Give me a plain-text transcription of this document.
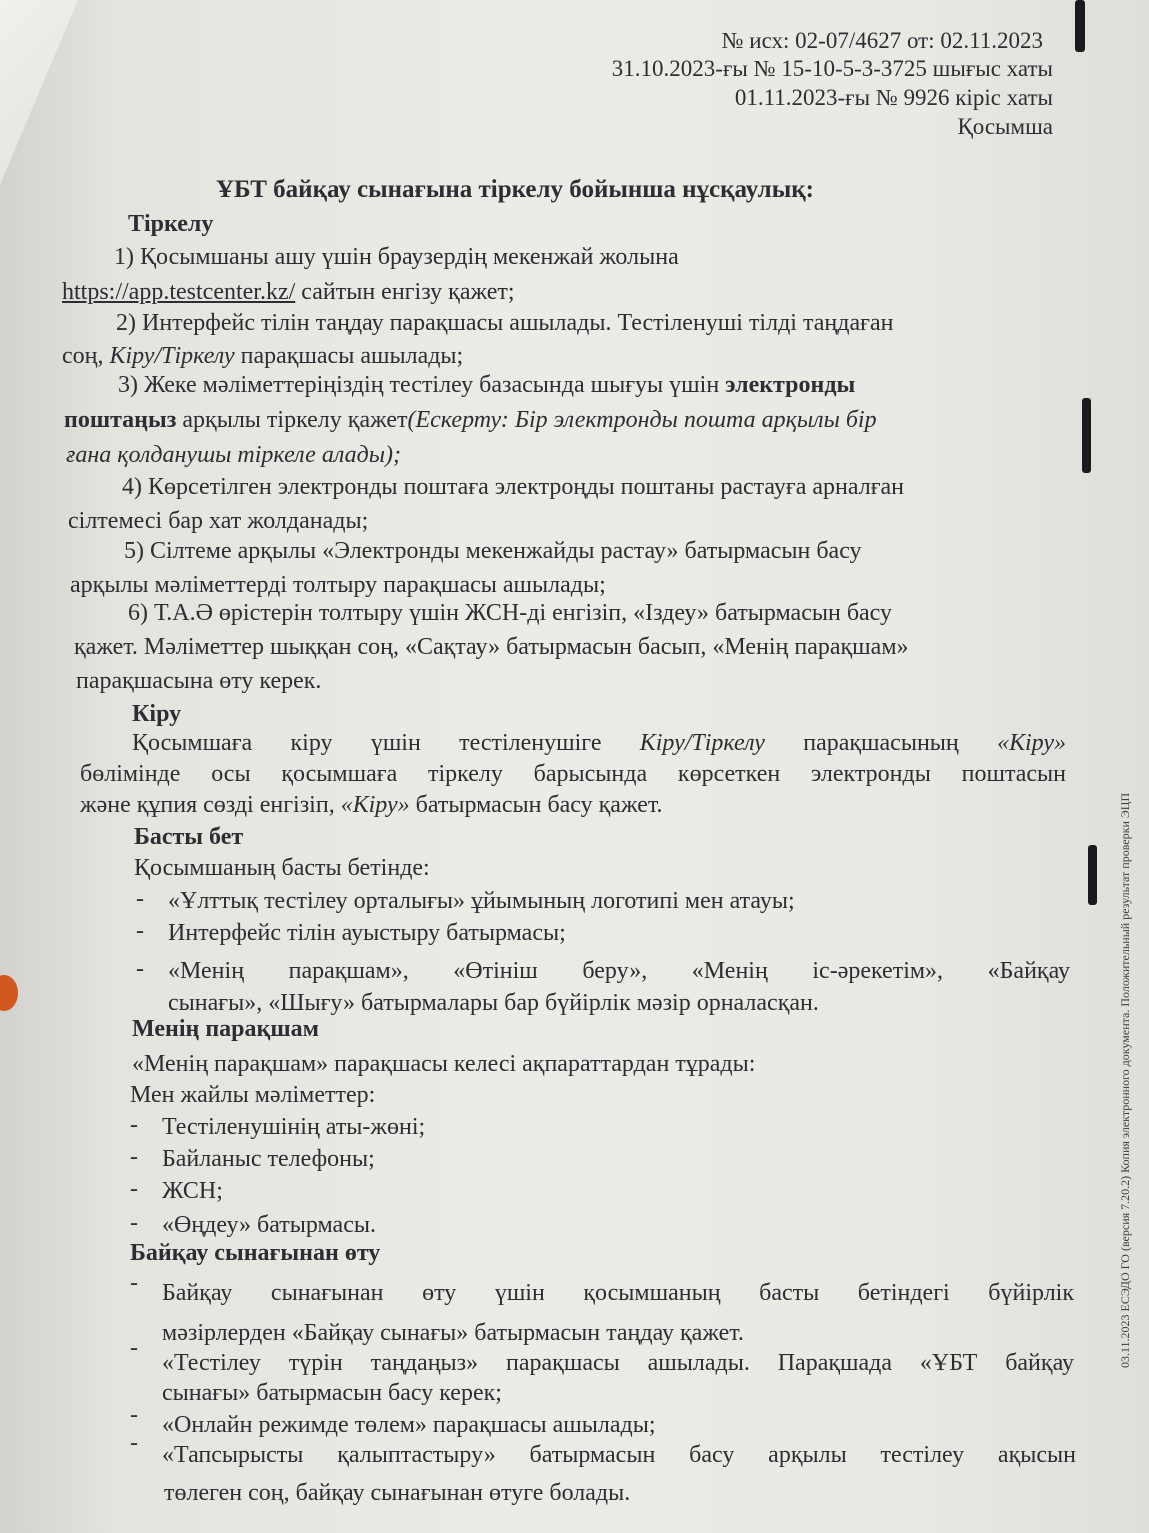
№ исх: 02-07/4627 от: 02.11.2023
31.10.2023-ғы № 15-10-5-3-3725 шығыс хаты
01.11.2023-ғы № 9926 кіріс хаты
Қосымша
ҰБТ байқау сынағына тіркелу бойынша нұсқаулық:
Тіркелу
1) Қосымшаны ашу үшін браузердің мекенжай жолына
https://app.testcenter.kz/ сайтын енгізу қажет;
2) Интерфейс тілін таңдау парақшасы ашылады. Тестіленуші тілді таңдаған
соң, Кіру/Тіркелу парақшасы ашылады;
3) Жеке мәліметтеріңіздің тестілеу базасында шығуы үшін электронды
поштаңыз арқылы тіркелу қажет(Ескерту: Бір электронды пошта арқылы бір
ғана қолданушы тіркеле алады);
4) Көрсетілген электронды поштаға электроңды поштаны растауға арналған
сілтемесі бар хат жолданады;
5) Сілтеме арқылы «Электронды мекенжайды растау» батырмасын басу
арқылы мәліметтерді толтыру парақшасы ашылады;
6) Т.А.Ә өрістерін толтыру үшін ЖСН-ді енгізіп, «Іздеу» батырмасын басу
қажет. Мәліметтер шыққан соң, «Сақтау» батырмасын басып, «Менің парақшам»
парақшасына өту керек.
Кіру
Қосымшаға кіру үшін тестіленушіге Кіру/Тіркелу парақшасының «Кіру»
бөлімінде осы қосымшаға тіркелу барысында көрсеткен электронды поштасын
және құпия сөзді енгізіп, «Кіру» батырмасын басу қажет.
Басты бет
Қосымшаның басты бетінде:
- «Ұлттық тестілеу орталығы» ұйымының логотипі мен атауы;
- Интерфейс тілін ауыстыру батырмасы;
- «Менің парақшам», «Өтініш беру», «Менің іс-әрекетім», «Байқау
сынағы», «Шығу» батырмалары бар бүйірлік мәзір орналасқан.
Менің парақшам
«Менің парақшам» парақшасы келесі ақпараттардан тұрады:
Мен жайлы мәліметтер:
- Тестіленушінің аты-жөні;
- Байланыс телефоны;
- ЖСН;
- «Өңдеу» батырмасы.
Байқау сынағынан өту
- Байқау сынағынан өту үшін қосымшаның басты бетіндегі бүйірлік
мәзірлерден «Байқау сынағы» батырмасын таңдау қажет.
-
«Тестілеу түрін таңдаңыз» парақшасы ашылады. Парақшада «ҰБТ байқау
сынағы» батырмасын басу керек;
- «Онлайн режимде төлем» парақшасы ашылады;
- «Тапсырысты қалыптастыру» батырмасын басу арқылы тестілеу ақысын
төлеген соң, байқау сынағынан өтуге болады.
03.11.2023 ЕСЭДО ГО (версия 7.20.2) Копия электронного документа. Положительный результат проверки ЭЦП
